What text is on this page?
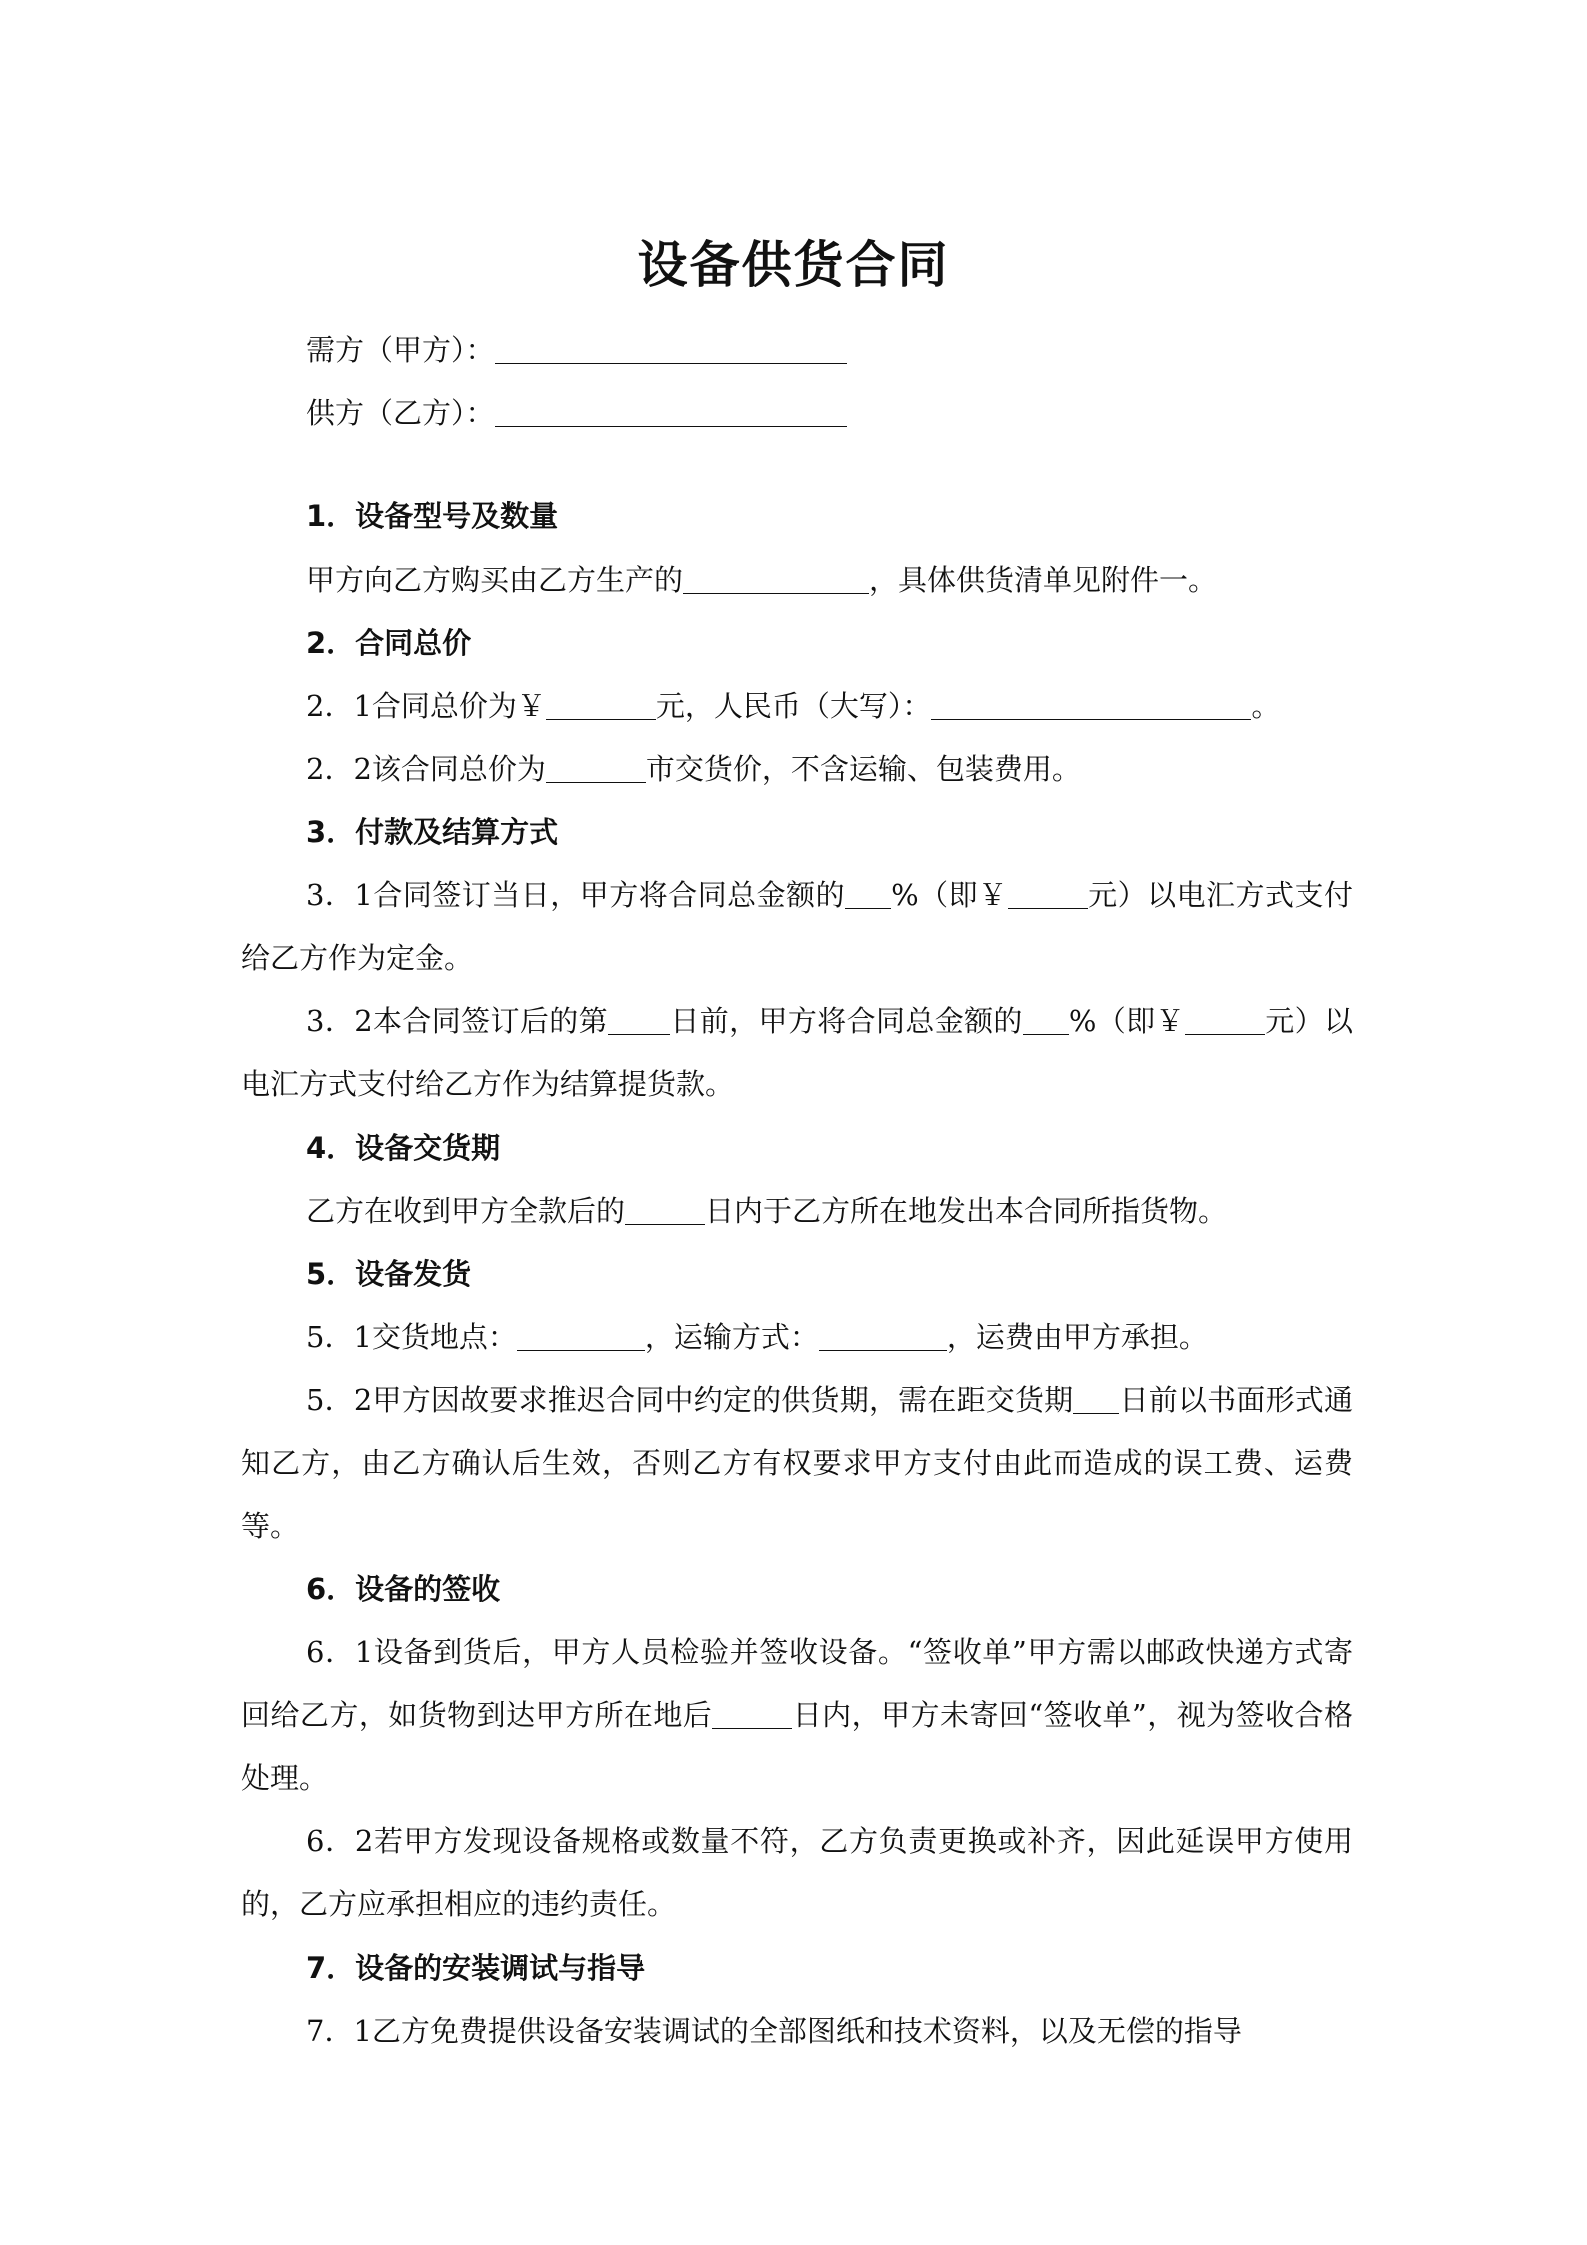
设备供货合同
需方（甲方）：
供方（乙方）：
1．设备型号及数量
甲方向乙方购买由乙方生产的	，具体供货清单见附件一。
2．合同总价
2．1合同总价为￥	元，人民币（大写）：	。
2．2该合同总价为	市交货价，不含运输、包装费用。
3．付款及结算方式

3．1合同签订当日，甲方将合同总金额的 %（即￥	元）以电汇方式支付给乙方作为定金。

3．2本合同签订后的第 日前，甲方将合同总金额的 %（即￥	元）以电汇方式支付给乙方作为结算提货款。

4．设备交货期
乙方在收到甲方全款后的	日内于乙方所在地发出本合同所指货物。
5．设备发货
5．1交货地点：	，运输方式：	，运费由甲方承担。

5．2甲方因故要求推迟合同中约定的供货期，需在距交货期 日前以书面形式通知乙方，由乙方确认后生效，否则乙方有权要求甲方支付由此而造成的误工费、运费等。

6．设备的签收

6．1设备到货后，甲方人员检验并签收设备。“签收单”甲方需以邮政快递方式寄回给乙方，如货物到达甲方所在地后	日内，甲方未寄回“签收单”，视为签收合格处理。

6．2若甲方发现设备规格或数量不符，乙方负责更换或补齐，因此延误甲方使用的，乙方应承担相应的违约责任。

7．设备的安装调试与指导

7．1乙方免费提供设备安装调试的全部图纸和技术资料，以及无偿的指导
